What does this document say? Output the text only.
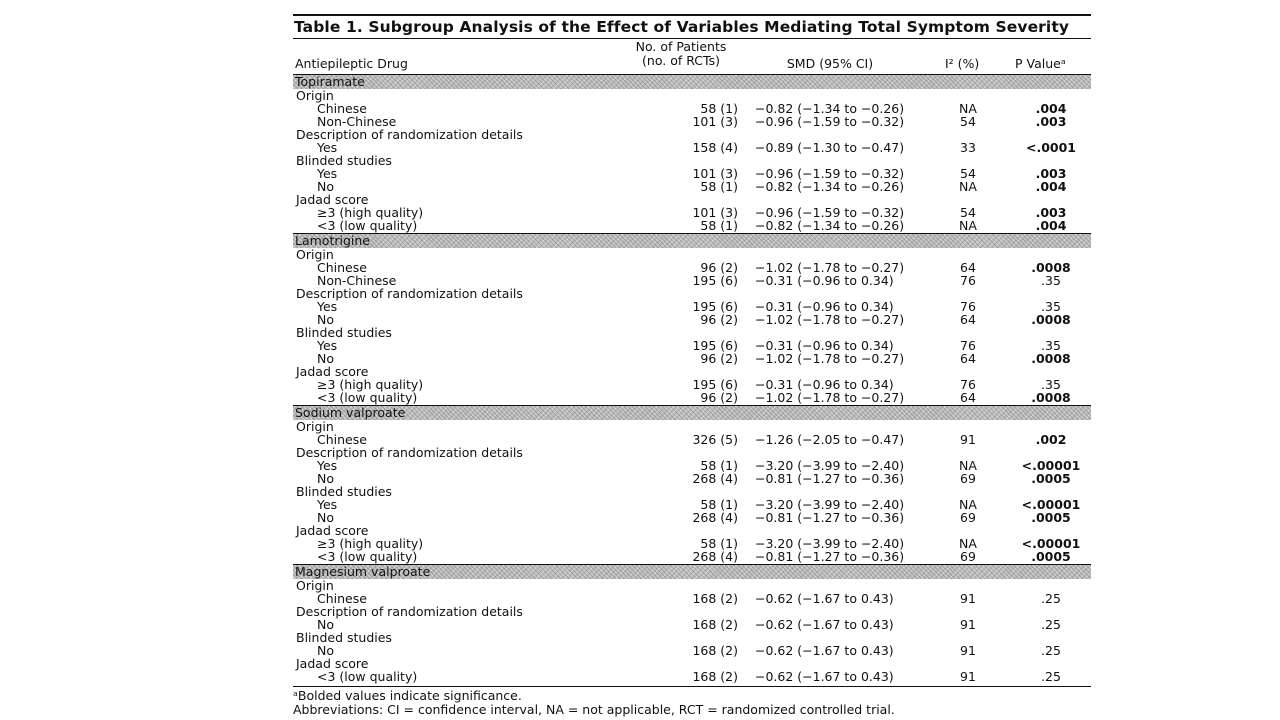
Table 1. Subgroup Analysis of the Effect of Variables Mediating Total Symptom Severity
Antiepileptic Drug
No. of Patients
(no. of RCTs)	SMD (95% CI)	I² (%)	P Valueᵃ
Topiramate
Origin
Chinese	58 (1) −0.82 (−1.34 to −0.26)	NA	.004
Non-Chinese	101 (3) −0.96 (−1.59 to −0.32)	54	.003
Description of randomization details
Yes	158 (4) −0.89 (−1.30 to −0.47)	33	<.0001
Blinded studies
Yes	101 (3) −0.96 (−1.59 to −0.32)	54	.003
No	58 (1) −0.82 (−1.34 to −0.26)	NA	.004
Jadad score
≥3 (high quality)	101 (3) −0.96 (−1.59 to −0.32)	54	.003
<3 (low quality)	58 (1) −0.82 (−1.34 to −0.26)	NA	.004
Lamotrigine
Origin
Chinese	96 (2) −1.02 (−1.78 to −0.27)	64	.0008
Non-Chinese	195 (6) −0.31 (−0.96 to 0.34)	76	.35
Description of randomization details
Yes	195 (6) −0.31 (−0.96 to 0.34)	76	.35
No	96 (2) −1.02 (−1.78 to −0.27)	64	.0008
Blinded studies
Yes	195 (6) −0.31 (−0.96 to 0.34)	76	.35
No	96 (2) −1.02 (−1.78 to −0.27)	64	.0008
Jadad score
≥3 (high quality)	195 (6) −0.31 (−0.96 to 0.34)	76	.35
<3 (low quality)	96 (2) −1.02 (−1.78 to −0.27)	64	.0008
Sodium valproate
Origin
Chinese	326 (5) −1.26 (−2.05 to −0.47)	91	.002
Description of randomization details
Yes	58 (1) −3.20 (−3.99 to −2.40)	NA	<.00001
No	268 (4) −0.81 (−1.27 to −0.36)	69	.0005
Blinded studies
Yes	58 (1) −3.20 (−3.99 to −2.40)	NA	<.00001
No	268 (4) −0.81 (−1.27 to −0.36)	69	.0005
Jadad score
≥3 (high quality)	58 (1) −3.20 (−3.99 to −2.40)	NA	<.00001
<3 (low quality)	268 (4) −0.81 (−1.27 to −0.36)	69	.0005
Magnesium valproate
Origin
Chinese	168 (2) −0.62 (−1.67 to 0.43)	91	.25
Description of randomization details
No	168 (2) −0.62 (−1.67 to 0.43)	91	.25
Blinded studies
No	168 (2) −0.62 (−1.67 to 0.43)	91	.25
Jadad score
<3 (low quality)	168 (2) −0.62 (−1.67 to 0.43)	91	.25
ᵃBolded values indicate significance.
Abbreviations: CI = confidence interval, NA = not applicable, RCT = randomized controlled trial.
